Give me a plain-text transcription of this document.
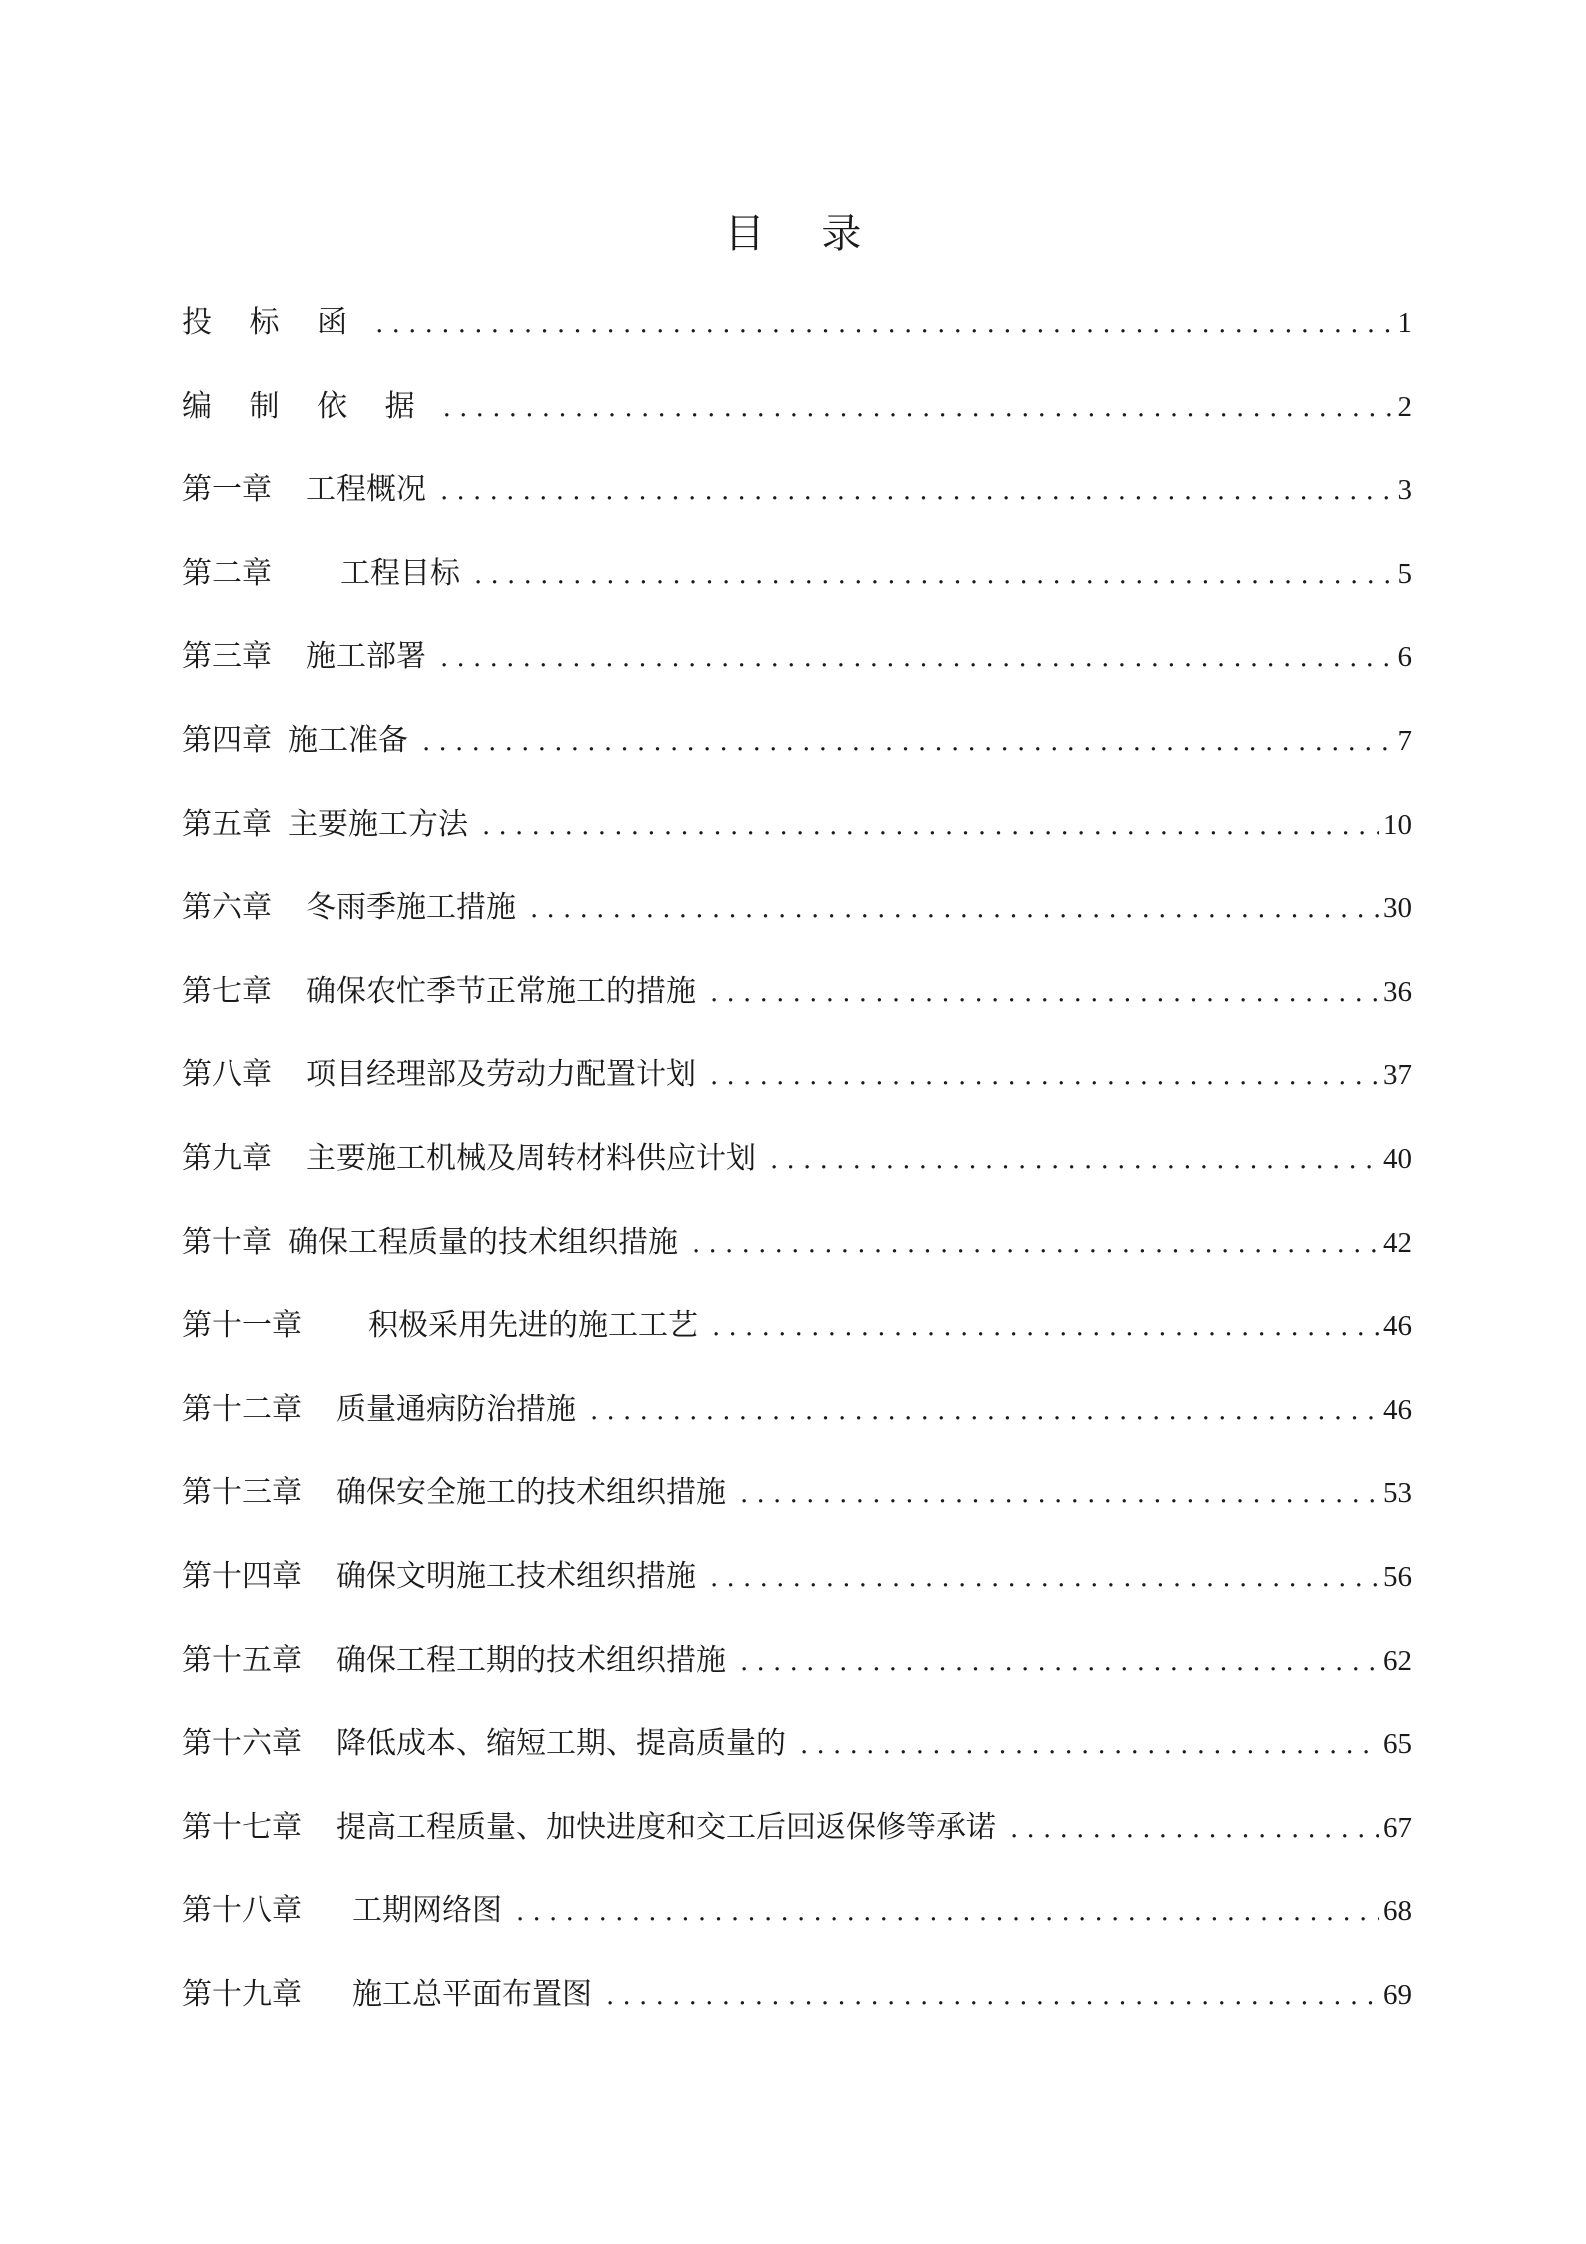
目 录
投 标 函 . . .	1
编 制 依 据 . . .	2
第一章 工程概况 . . .	3
第二章 工程目标 . . .	5
第三章 施工部署 . . .	6
第四章 施工准备 . . .	7
第五章 主要施工方法 . . .	10
第六章 冬雨季施工措施 . . .	30
第七章 确保农忙季节正常施工的措施 . . .	36
第八章 项目经理部及劳动力配置计划 . . .	37
第九章 主要施工机械及周转材料供应计划 . . .	40
第十章 确保工程质量的技术组织措施 . . .	42
第十一章 积极采用先进的施工工艺 . . .	46
第十二章 质量通病防治措施 . . .	46
第十三章 确保安全施工的技术组织措施 . . .	53
第十四章 确保文明施工技术组织措施 . . .	56
第十五章 确保工程工期的技术组织措施 . . .	62
第十六章 降低成本、缩短工期、提高质量的 . . .	65
第十七章 提高工程质量、加快进度和交工后回返保修等承诺 . . .	67
第十八章 工期网络图 . . .	68
第十九章 施工总平面布置图 . . .	69
